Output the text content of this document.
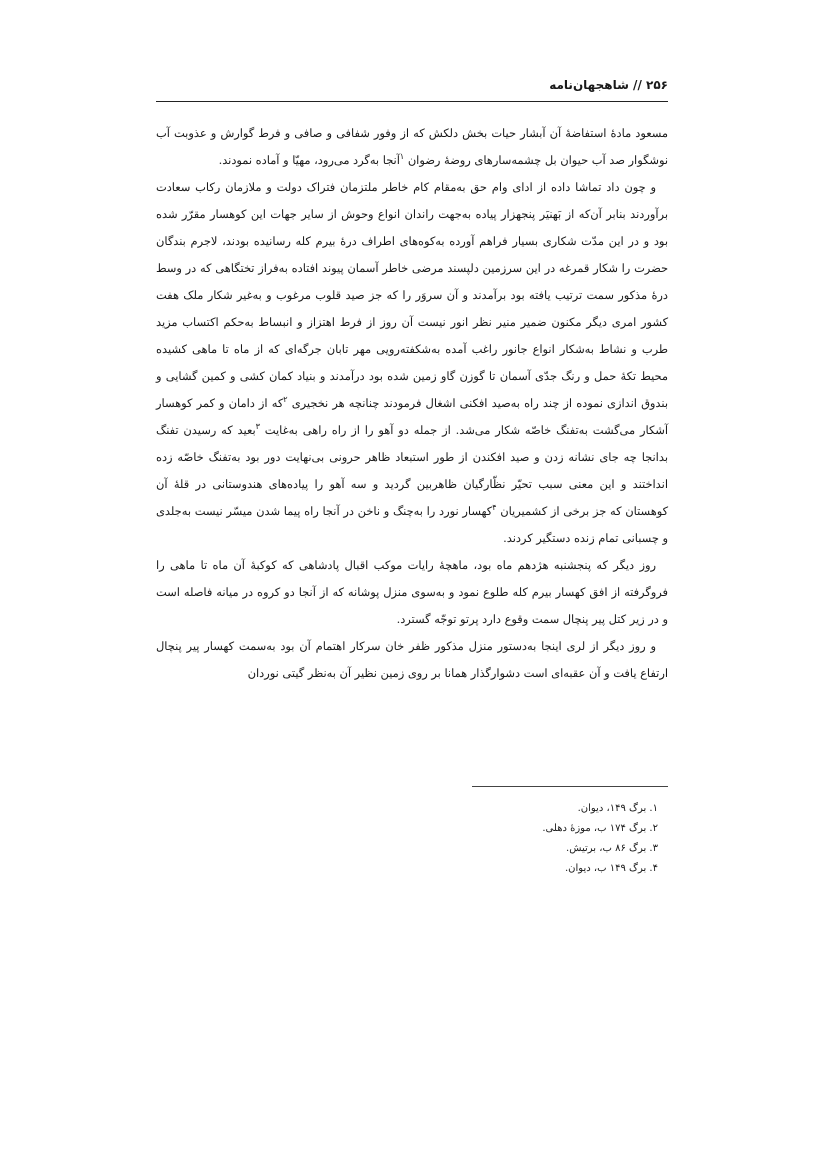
۲۵۶ // شاهجهان‌نامه

مسعود مادهٔ استفاضهٔ آن آبشار حیات بخش دلکش که از وفور شفافی و صافی و فرط گوارش و عذوبت آب نوشگوار صد آب حیوان بل چشمه‌سارهای روضهٔ رضوان $^۱$آنجا به‌گرد می‌رود، مهیّا و آماده نمودند.

و چون داد تماشا داده از ادای وام حق به‌مقام کام خاطر ملتزمان فتراک دولت و ملازمان رکاب سعادت برآوردند بنابر آن‌که از بَهنیَر پنجهزار پیاده به‌جهت راندان انواع وحوش از سایر جهات این کوهسار مقرّر شده بود و در این مدّت شکاری بسیار فراهم آورده به‌کوه‌های اطراف درهٔ بیرم کله رسانیده بودند، لاجرم بندگان حضرت را شکار قمرغه در این سرزمین دلپسند مرضی خاطر آسمان پیوند افتاده به‌فراز تختگاهی که در وسط درهٔ مذکور سمت ترتیب یافته بود برآمدند و آن سروَر را که جز صید قلوب مرغوب و به‌غیر شکار ملک هفت کشور امری دیگر مکنون ضمیر منیر نظر انور نیست آن روز از فرط اهتزاز و انبساط به‌حکم اکتساب مزید طرب و نشاط به‌شکار انواع جانور راغب آمده به‌شکفته‌رویی مهر تابان جرگه‌ای که از ماه تا ماهی کشیده محیط تکهٔ حمل و رنگ جدّی آسمان تا گوزن گاو زمین شده بود درآمدند و بنیاد کمان کشی و کمین گشایی و بندوق اندازی نموده از چند راه به‌صید افکنی اشغال فرمودند چنانچه هر نخجیری $^۲$که از دامان و کمر کوهسار آشکار می‌گشت به‌تفنگ خاصّه شکار می‌شد. از جمله دو آهو را از راه راهی به‌غایت $^۳$بعید که رسیدن تفنگ بدانجا چه جای نشانه زدن و صید افکندن از طور استبعاد ظاهر حرونی بی‌نهایت دور بود به‌تفنگ خاصّه زده انداختند و این معنی سبب تحیّر نظّارگیان ظاهربین گردید و سه آهو را پیاده‌های هندوستانی در قلهٔ آن کوهستان که جز برخی از کشمیریان $^۴$کهسار نورد را به‌چنگ و ناخن در آنجا راه پیما شدن میسّر نیست به‌جلدی و چسبانی تمام زنده دستگیر کردند.

روز دیگر که پنجشنبه هژدهم ماه بود، ماهچهٔ رایات موکب اقبال پادشاهی که کوکبهٔ آن ماه تا ماهی را فروگرفته از افق کهسار بیرم کله طلوع نمود و به‌سوی منزل پوشانه که از آنجا دو کروه در میانه فاصله است و در زیر کتل پیر پنچال سمت وقوع دارد پرتو توجّه گسترد.

و روز دیگر از لری اینجا به‌دستور منزل مذکور ظفر خان سرکار اهتمام آن بود به‌سمت کهسار پیر پنچال ارتفاع یافت و آن عقبه‌ای است دشوارگذار همانا بر روی زمین نظیر آن به‌نظر گیتی نوردان

۱. برگ ۱۴۹، دیوان.
۲. برگ ۱۷۴ ب، موزهٔ دهلی.
۳. برگ ۸۶ ب، برتیش.
۴. برگ ۱۴۹ ب، دیوان.
